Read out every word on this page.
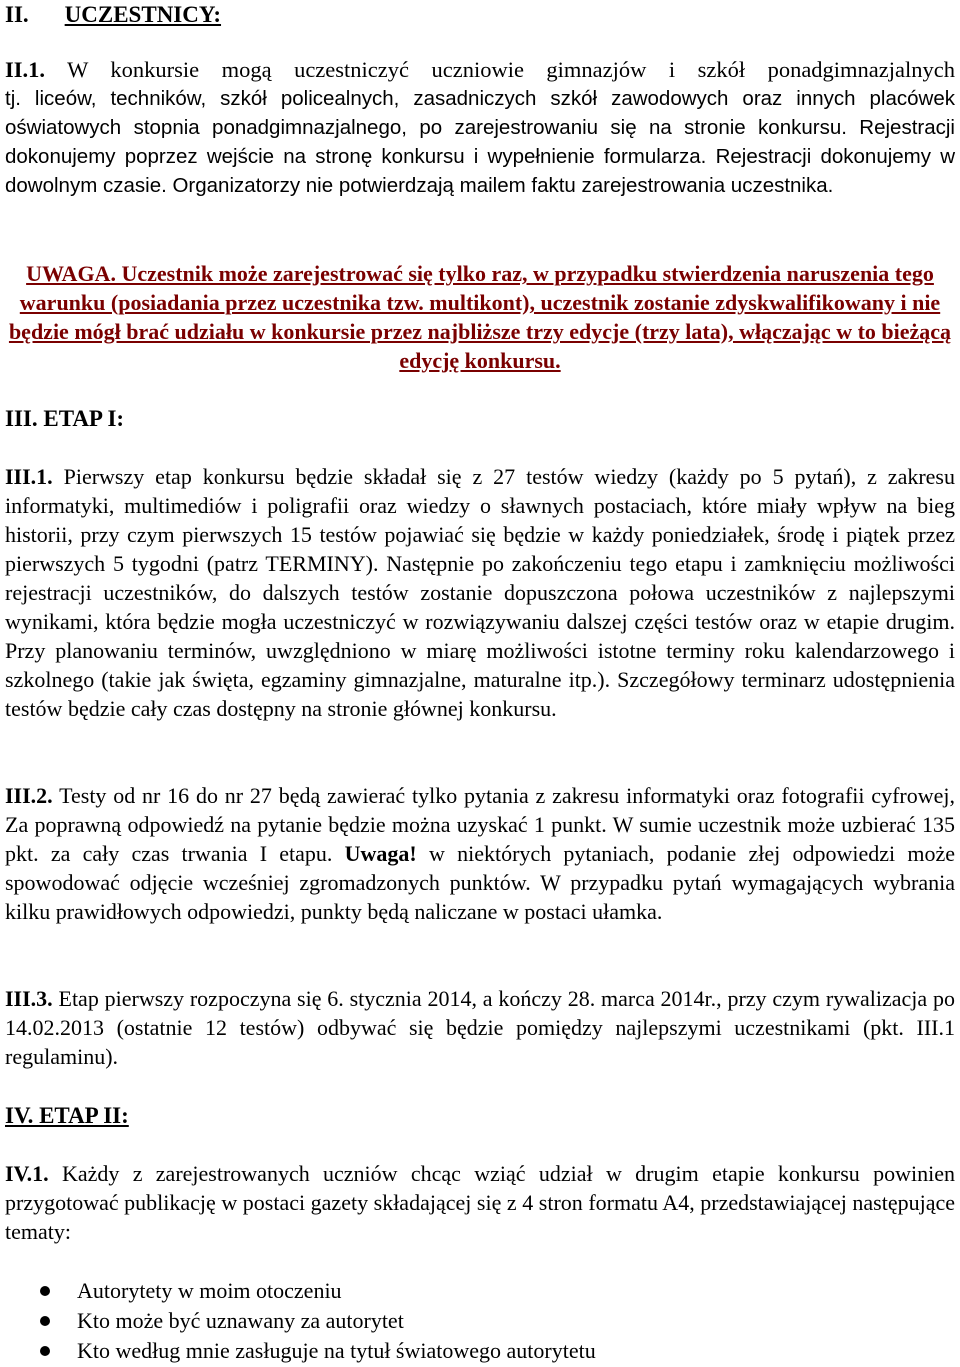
II. UCZESTNICY:
II.1. W konkursie mogą uczestniczyć uczniowie gimnazjów i szkół ponadgimnazjalnych
tj. liceów, techników, szkół policealnych, zasadniczych szkół zawodowych oraz innych placówek oświatowych stopnia ponadgimnazjalnego, po zarejestrowaniu się na stronie konkursu. Rejestracji dokonujemy poprzez wejście na stronę konkursu i wypełnienie formularza. Rejestracji dokonujemy w dowolnym czasie. Organizatorzy nie potwierdzają mailem faktu zarejestrowania uczestnika.
UWAGA. Uczestnik może zarejestrować się tylko raz, w przypadku stwierdzenia naruszenia tego warunku (posiadania przez uczestnika tzw. multikont), uczestnik zostanie zdyskwalifikowany i nie będzie mógł brać udziału w konkursie przez najbliższe trzy edycje (trzy lata), włączając w to bieżącą edycję konkursu.
III. ETAP I:
III.1. Pierwszy etap konkursu będzie składał się z 27 testów wiedzy (każdy po 5 pytań), z zakresu informatyki, multimediów i poligrafii oraz wiedzy o sławnych postaciach, które miały wpływ na bieg historii, przy czym pierwszych 15 testów pojawiać się będzie w każdy poniedziałek, środę i piątek przez pierwszych 5 tygodni (patrz TERMINY). Następnie po zakończeniu tego etapu i zamknięciu możliwości rejestracji uczestników, do dalszych testów zostanie dopuszczona połowa uczestników z najlepszymi wynikami, która będzie mogła uczestniczyć w rozwiązywaniu dalszej części testów oraz w etapie drugim. Przy planowaniu terminów, uwzględniono w miarę możliwości istotne terminy roku kalendarzowego i szkolnego (takie jak święta, egzaminy gimnazjalne, maturalne itp.). Szczegółowy terminarz udostępnienia testów będzie cały czas dostępny na stronie głównej konkursu.
III.2. Testy od nr 16 do nr 27 będą zawierać tylko pytania z zakresu informatyki oraz fotografii cyfrowej, Za poprawną odpowiedź na pytanie będzie można uzyskać 1 punkt. W sumie uczestnik może uzbierać 135 pkt. za cały czas trwania I etapu. Uwaga! w niektórych pytaniach, podanie złej odpowiedzi może spowodować odjęcie wcześniej zgromadzonych punktów. W przypadku pytań wymagających wybrania kilku prawidłowych odpowiedzi, punkty będą naliczane w postaci ułamka.
III.3. Etap pierwszy rozpoczyna się 6. stycznia 2014, a kończy 28. marca 2014r., przy czym rywalizacja po 14.02.2013 (ostatnie 12 testów) odbywać się będzie pomiędzy najlepszymi uczestnikami (pkt. III.1 regulaminu).
IV. ETAP II:
IV.1. Każdy z zarejestrowanych uczniów chcąc wziąć udział w drugim etapie konkursu powinien przygotować publikację w postaci gazety składającej się z 4 stron formatu A4, przedstawiającej następujące tematy:
Autorytety w moim otoczeniu
Kto może być uznawany za autorytet
Kto według mnie zasługuje na tytuł światowego autorytetu
